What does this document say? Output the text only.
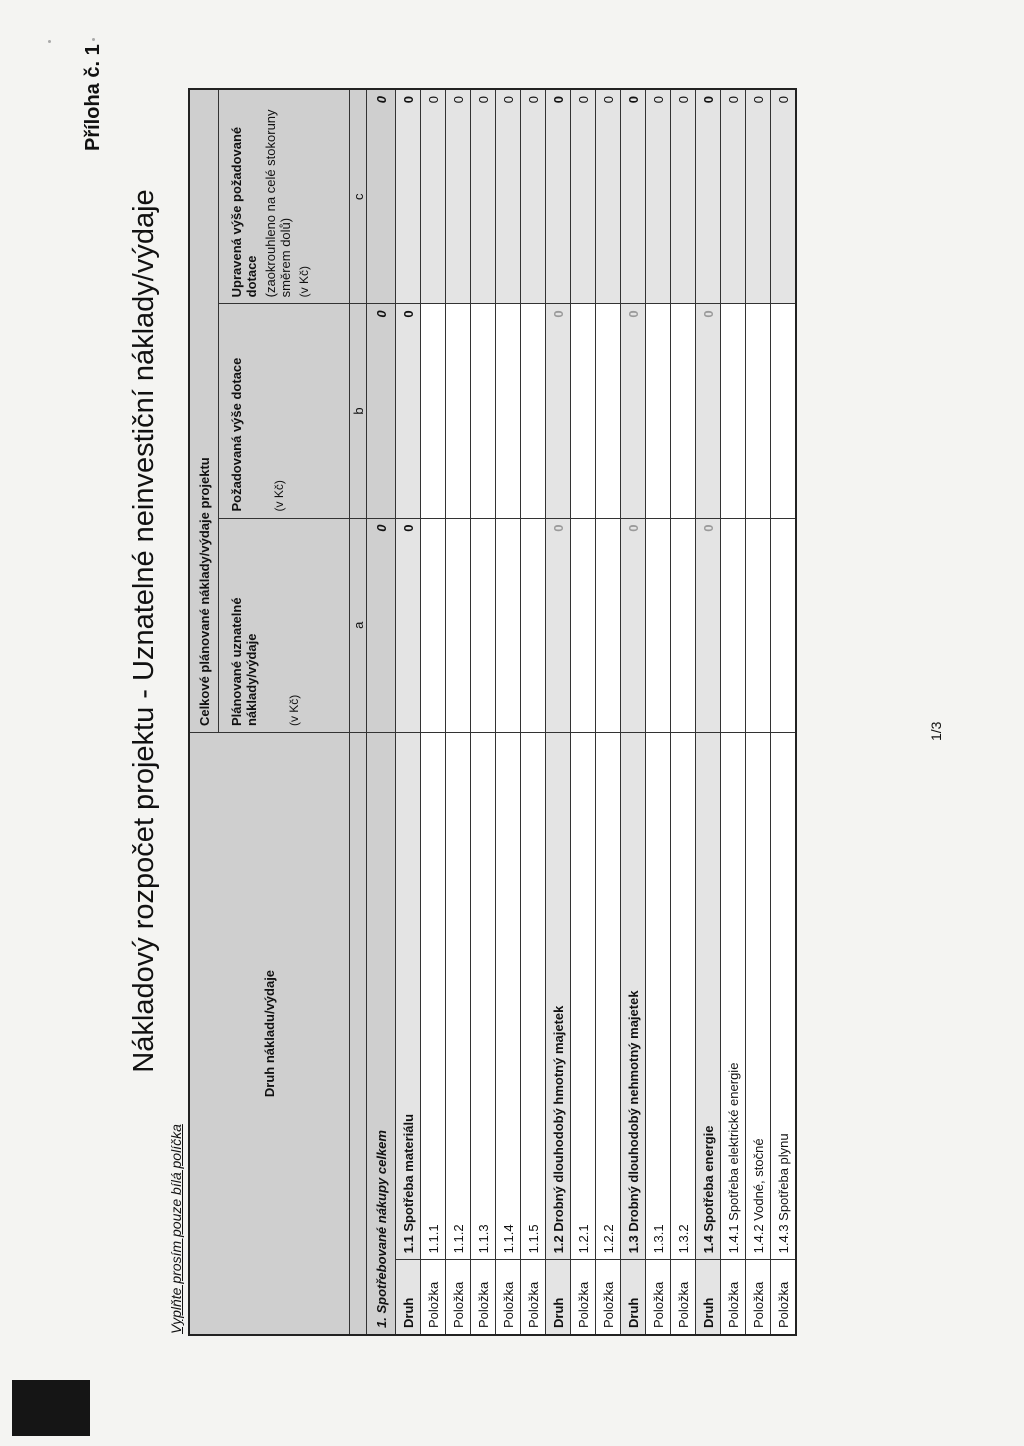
Příloha č. 1
Nákladový rozpočet projektu - Uznatelné neinvestiční náklady/výdaje
Vyplňte prosím pouze bílá políčka
Druh nákladu/výdaje		Celkové plánované náklady/výdaje projektu		
		Plánované uznatelné náklady/výdaje (v Kč)	Požadovaná výše dotace (v Kč)	Upravená výše požadované dotace (zaokrouhleno na celé stokoruny směrem dolů) (v Kč)

		a	b	c
1. Spotřebované nákupy celkem		0	0	0
Druh	1.1 Spotřeba materiálu	0	0	0
Položka	1.1.1			0
Položka	1.1.2			0
Položka	1.1.3			0
Položka	1.1.4			0
Položka	1.1.5			0
Druh	1.2 Drobný dlouhodobý hmotný majetek	0	0	0
Položka	1.2.1			0
Položka	1.2.2			0
Druh	1.3 Drobný dlouhodobý nehmotný majetek	0	0	0
Položka	1.3.1			0
Položka	1.3.2			0
Druh	1.4 Spotřeba energie	0	0	0
Položka	1.4.1 Spotřeba elektrické energie			0
Položka	1.4.2 Vodné, stočné			0
Položka	1.4.3 Spotřeba plynu			0
1/3
